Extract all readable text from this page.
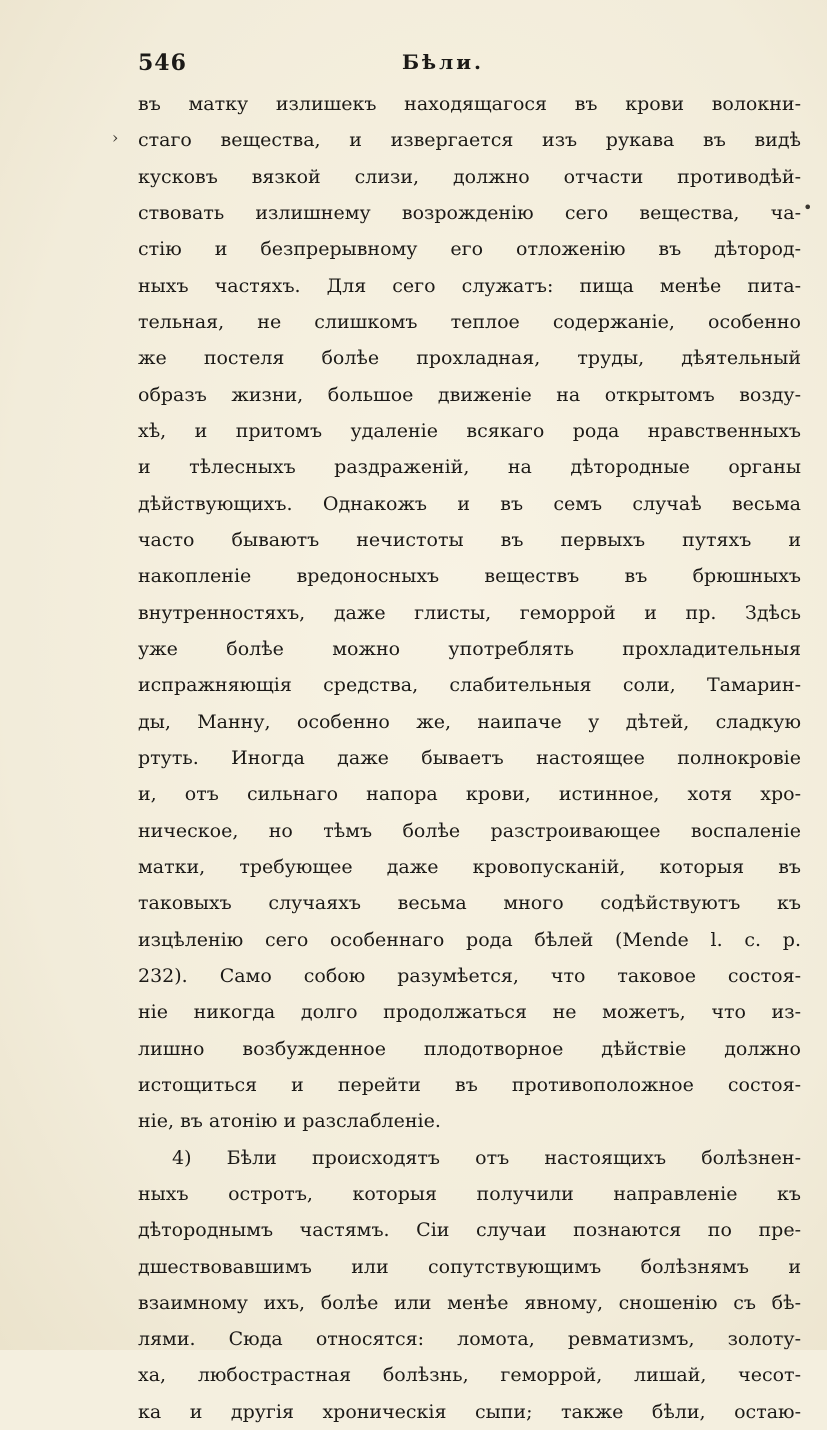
546	Бѣли.
›
•
въ матку излишекъ находящагося въ крови волокни-
стаго вещества, и извергается изъ рукава въ видѣ
кусковъ вязкой слизи, должно отчасти противодѣй-
ствовать излишнему возрожденію сего вещества, ча-
стію и безпрерывному его отложенію въ дѣтород-
ныхъ частяхъ. Для сего служатъ: пища менѣе пита-
тельная, не слишкомъ теплое содержаніе, особенно
же постеля болѣе прохладная, труды, дѣятельный
образъ жизни, большое движеніе на открытомъ возду-
хѣ, и притомъ удаленіе всякаго рода нравственныхъ
и тѣлесныхъ раздраженій, на дѣтородные органы
дѣйствующихъ. Однакожъ и въ семъ случаѣ весьма
часто бываютъ нечистоты въ первыхъ путяхъ и
накопленіе вредоносныхъ веществъ въ брюшныхъ
внутренностяхъ, даже глисты, геморрой и пр. Здѣсь
уже болѣе можно употреблять прохладительныя
испражняющія средства, слабительныя соли, Тамарин-
ды, Манну, особенно же, наипаче у дѣтей, сладкую
ртуть. Иногда даже бываетъ настоящее полнокровіе
и, отъ сильнаго напора крови, истинное, хотя хро-
ническое, но тѣмъ болѣе разстроивающее воспаленіе
матки, требующее даже кровопусканій, которыя въ
таковыхъ случаяхъ весьма много содѣйствуютъ къ
изцѣленію сего особеннаго рода бѣлей (Mende l. c. p.
232). Само собою разумѣется, что таковое состоя-
ніе никогда долго продолжаться не можетъ, что из-
лишно возбужденное плодотворное дѣйствіе должно
истощиться и перейти въ противоположное состоя-
ніе, въ атонію и разслабленіе.
4) Бѣли происходятъ отъ настоящихъ болѣзнен-
ныхъ остротъ, которыя получили направленіе къ
дѣтороднымъ частямъ. Сіи случаи познаются по пре-
дшествовавшимъ или сопутствующимъ болѣзнямъ и
взаимному ихъ, болѣе или менѣе явному, сношенію съ бѣ-
лями. Сюда относятся: ломота, ревматизмъ, золоту-
ха, любострастная болѣзнь, геморрой, лишай, чесот-
ка и другія хроническія сыпи; также бѣли, остаю-
